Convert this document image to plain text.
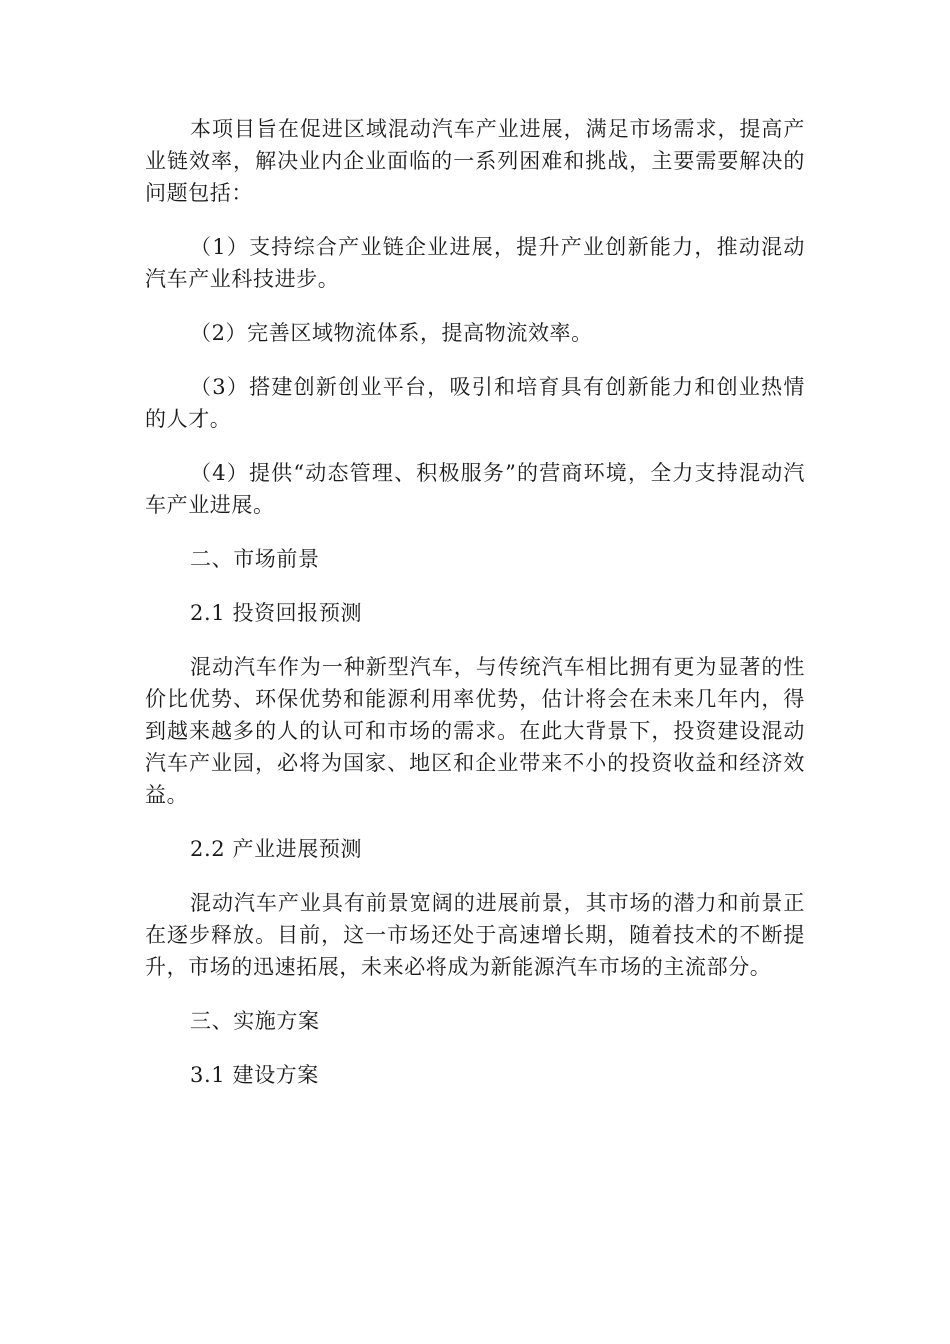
本项目旨在促进区域混动汽车产业进展，满足市场需求，提高产业链效率，解决业内企业面临的一系列困难和挑战，主要需要解决的问题包括：

（1）支持综合产业链企业进展，提升产业创新能力，推动混动汽车产业科技进步。

（2）完善区域物流体系，提高物流效率。

（3）搭建创新创业平台，吸引和培育具有创新能力和创业热情的人才。

（4）提供“动态管理、积极服务”的营商环境，全力支持混动汽车产业进展。

二、市场前景

2.1 投资回报预测

混动汽车作为一种新型汽车，与传统汽车相比拥有更为显著的性价比优势、环保优势和能源利用率优势，估计将会在未来几年内，得到越来越多的人的认可和市场的需求。在此大背景下，投资建设混动汽车产业园，必将为国家、地区和企业带来不小的投资收益和经济效益。

2.2 产业进展预测

混动汽车产业具有前景宽阔的进展前景，其市场的潜力和前景正在逐步释放。目前，这一市场还处于高速增长期，随着技术的不断提升，市场的迅速拓展，未来必将成为新能源汽车市场的主流部分。

三、实施方案

3.1 建设方案
